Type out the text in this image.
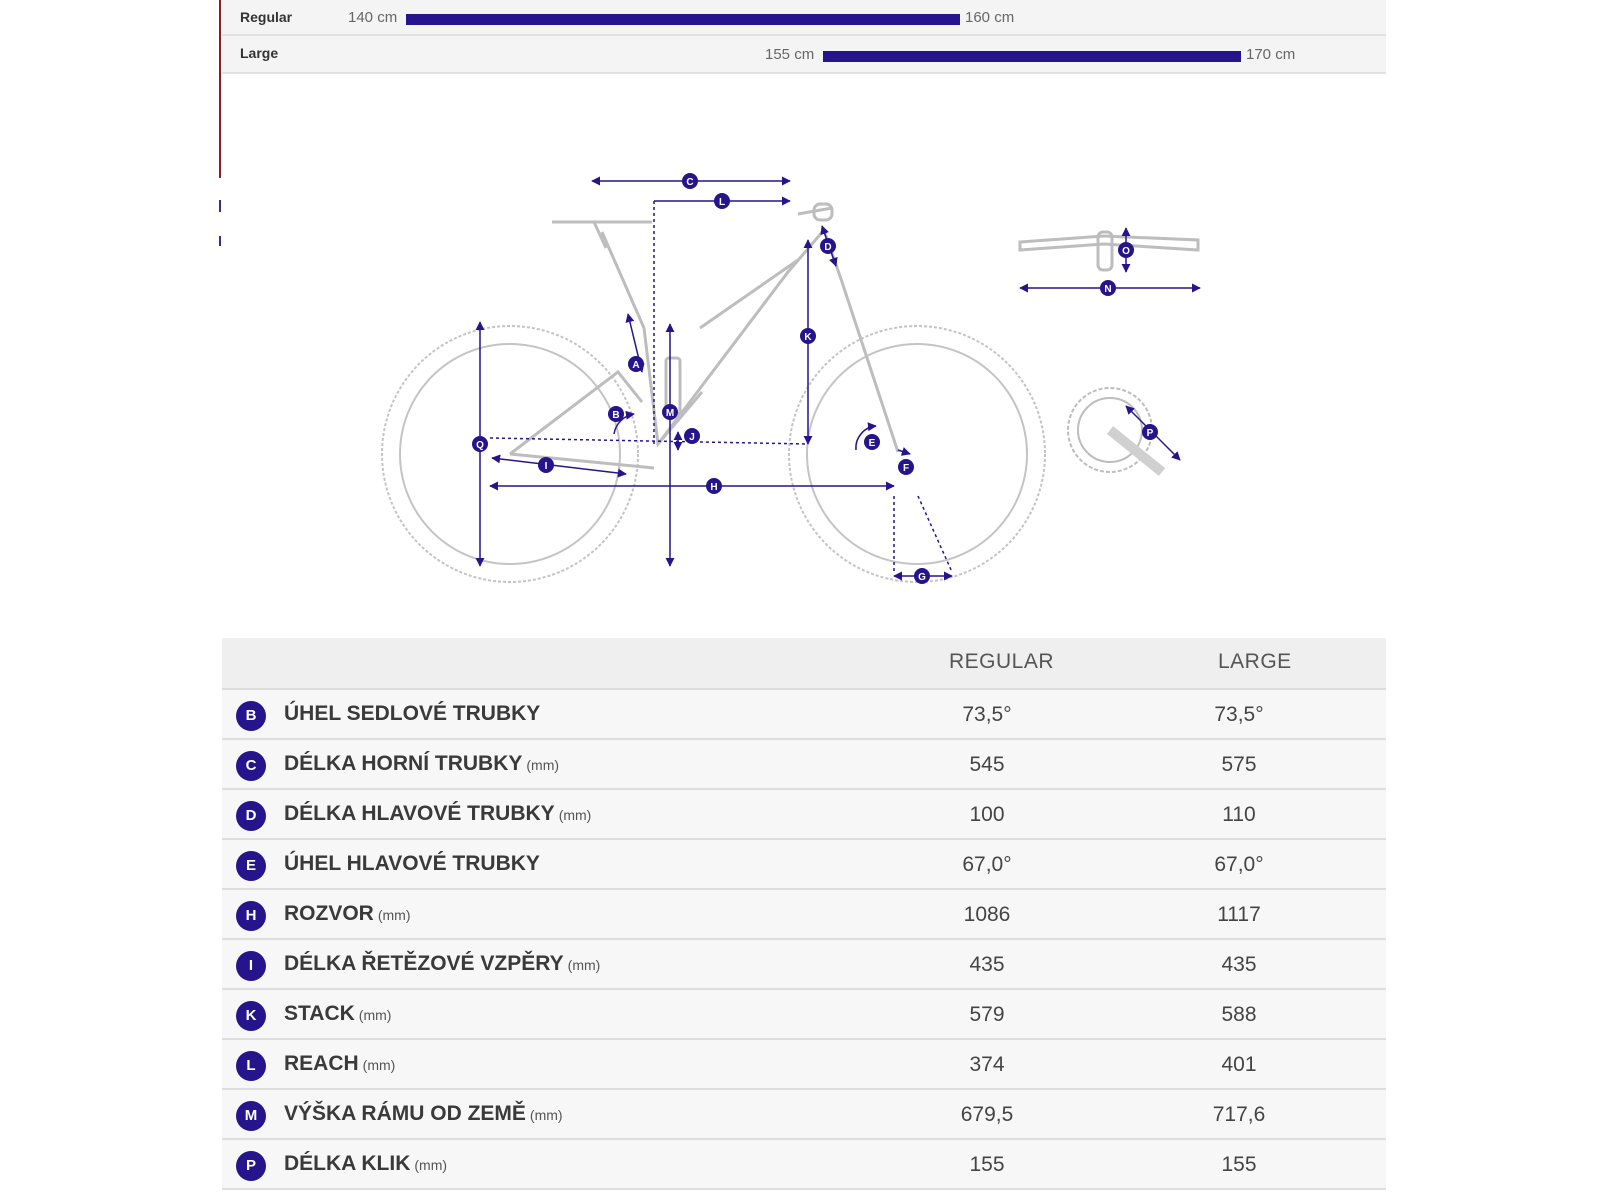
Regular	140 cm	160 cm
Large	155 cm	170 cm
A
B
C
D
E
F
G
H
I
J
K
L
M
N
O
P
Q
REGULAR	LARGE
B	ÚHEL SEDLOVÉ TRUBKY	73,5°	73,5°
C	DÉLKA HORNÍ TRUBKY (mm)	545	575
D	DÉLKA HLAVOVÉ TRUBKY (mm)	100	110
E	ÚHEL HLAVOVÉ TRUBKY	67,0°	67,0°
H	ROZVOR (mm)	1086	1117
I	DÉLKA ŘETĚZOVÉ VZPĚRY (mm)	435	435
K	STACK (mm)	579	588
L	REACH (mm)	374	401
M	VÝŠKA RÁMU OD ZEMĚ (mm)	679,5	717,6
P	DÉLKA KLIK (mm)	155	155
